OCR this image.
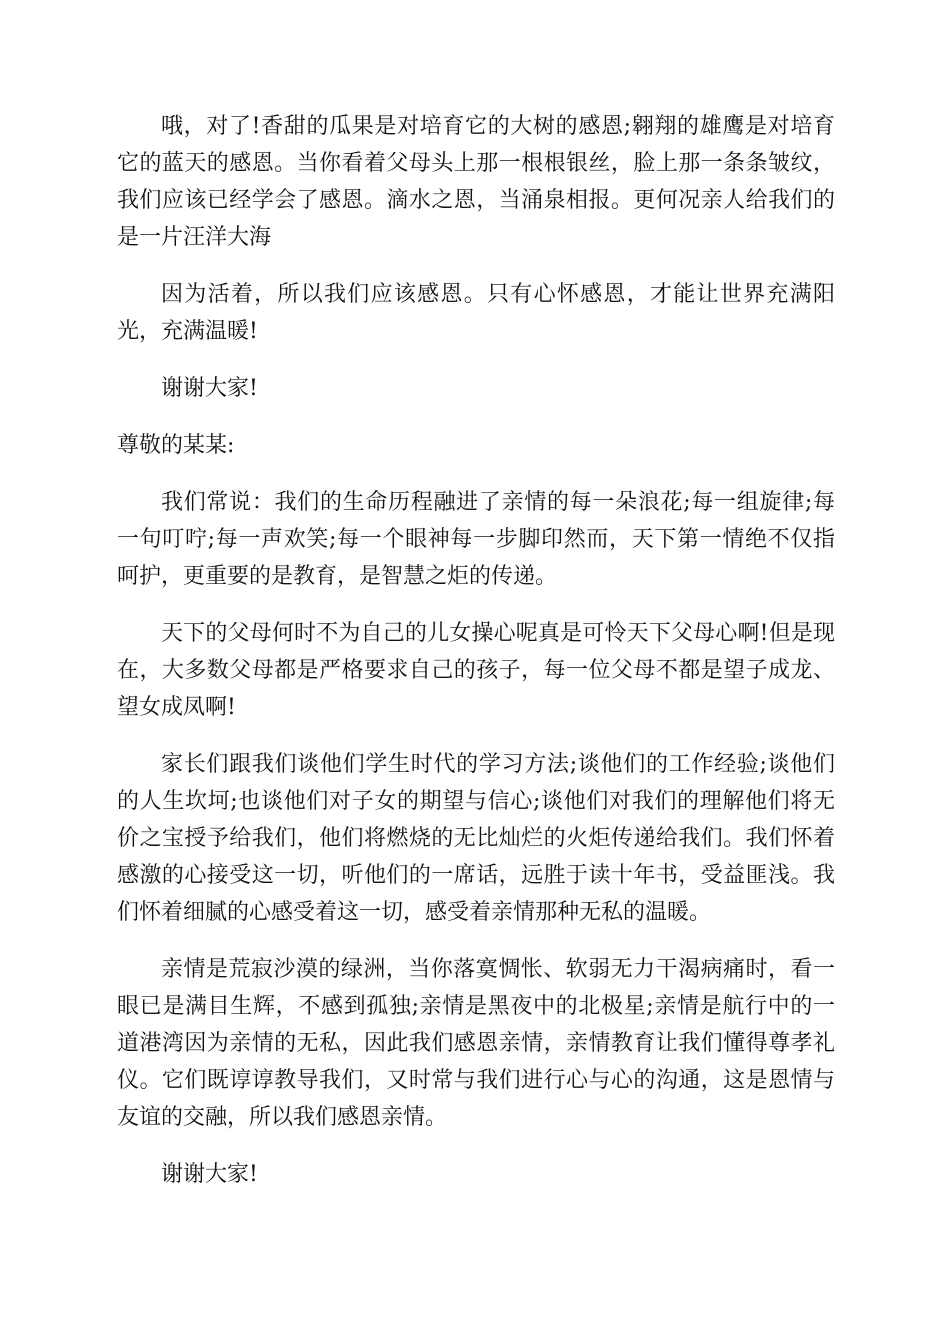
哦，对了!香甜的瓜果是对培育它的大树的感恩;翱翔的雄鹰是对培育它的蓝天的感恩。当你看着父母头上那一根根银丝，脸上那一条条皱纹，我们应该已经学会了感恩。滴水之恩，当涌泉相报。更何况亲人给我们的是一片汪洋大海

因为活着，所以我们应该感恩。只有心怀感恩，才能让世界充满阳光，充满温暖!

谢谢大家!

尊敬的某某:

我们常说：我们的生命历程融进了亲情的每一朵浪花;每一组旋律;每一句叮咛;每一声欢笑;每一个眼神每一步脚印然而，天下第一情绝不仅指呵护，更重要的是教育，是智慧之炬的传递。

天下的父母何时不为自己的儿女操心呢真是可怜天下父母心啊!但是现在，大多数父母都是严格要求自己的孩子，每一位父母不都是望子成龙、望女成凤啊!

家长们跟我们谈他们学生时代的学习方法;谈他们的工作经验;谈他们的人生坎坷;也谈他们对子女的期望与信心;谈他们对我们的理解他们将无价之宝授予给我们，他们将燃烧的无比灿烂的火炬传递给我们。我们怀着感激的心接受这一切，听他们的一席话，远胜于读十年书，受益匪浅。我们怀着细腻的心感受着这一切，感受着亲情那种无私的温暖。

亲情是荒寂沙漠的绿洲，当你落寞惆怅、软弱无力干渴病痛时，看一眼已是满目生辉，不感到孤独;亲情是黑夜中的北极星;亲情是航行中的一道港湾因为亲情的无私，因此我们感恩亲情，亲情教育让我们懂得尊孝礼仪。它们既谆谆教导我们，又时常与我们进行心与心的沟通，这是恩情与友谊的交融，所以我们感恩亲情。

谢谢大家!
